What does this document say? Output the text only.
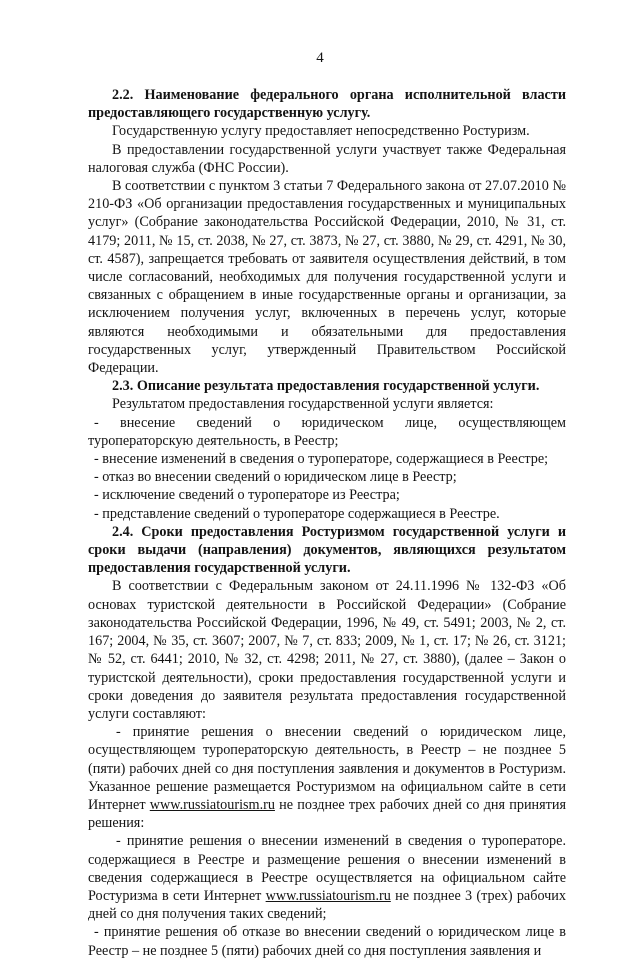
4

2.2. Наименование федерального органа исполнительной власти предоставляющего государственную услугу.

Государственную услугу предоставляет непосредственно Ростуризм.

В предоставлении государственной услуги участвует также Федеральная налоговая служба (ФНС России).

В соответствии с пунктом 3 статьи 7 Федерального закона от 27.07.2010 № 210-ФЗ «Об организации предоставления государственных и муниципальных услуг» (Собрание законодательства Российской Федерации, 2010, № 31, ст. 4179; 2011, № 15, ст. 2038, № 27, ст. 3873, № 27, ст. 3880, № 29, ст. 4291, № 30, ст. 4587), запрещается требовать от заявителя осуществления действий, в том числе согласований, необходимых для получения государственной услуги и связанных с обращением в иные государственные органы и организации, за исключением получения услуг, включенных в перечень услуг, которые являются необходимыми и обязательными для предоставления государственных услуг, утвержденный Правительством Российской Федерации.

2.3. Описание результата предоставления государственной услуги.

Результатом предоставления государственной услуги является:

- внесение сведений о юридическом лице, осуществляющем туроператорскую деятельность, в Реестр;

- внесение изменений в сведения о туроператоре, содержащиеся в Реестре;

- отказ во внесении сведений о юридическом лице в Реестр;

- исключение сведений о туроператоре из Реестра;

- представление сведений о туроператоре содержащиеся в Реестре.

2.4. Сроки предоставления Ростуризмом государственной услуги и сроки выдачи (направления) документов, являющихся результатом предоставления государственной услуги.

В соответствии с Федеральным законом от 24.11.1996 № 132-ФЗ «Об основах туристской деятельности в Российской Федерации» (Собрание законодательства Российской Федерации, 1996, № 49, ст. 5491; 2003, № 2, ст. 167; 2004, № 35, ст. 3607; 2007, № 7, ст. 833; 2009, № 1, ст. 17; № 26, ст. 3121; № 52, ст. 6441; 2010, № 32, ст. 4298; 2011, № 27, ст. 3880), (далее – Закон о туристской деятельности), сроки предоставления государственной услуги и сроки доведения до заявителя результата предоставления государственной услуги составляют:

- принятие решения о внесении сведений о юридическом лице, осуществляющем туроператорскую деятельность, в Реестр – не позднее 5 (пяти) рабочих дней со дня поступления заявления и документов в Ростуризм. Указанное решение размещается Ростуризмом на официальном сайте в сети Интернет www.russiatourism.ru не позднее трех рабочих дней со дня принятия решения:

- принятие решения о внесении изменений в сведения о туроператоре. содержащиеся в Реестре и размещение решения о внесении изменений в сведения содержащиеся в Реестре осуществляется на официальном сайте Ростуризма в сети Интернет www.russiatourism.ru не позднее 3 (трех) рабочих дней со дня получения таких сведений;

- принятие решения об отказе во внесении сведений о юридическом лице в Реестр – не позднее 5 (пяти) рабочих дней со дня поступления заявления и
